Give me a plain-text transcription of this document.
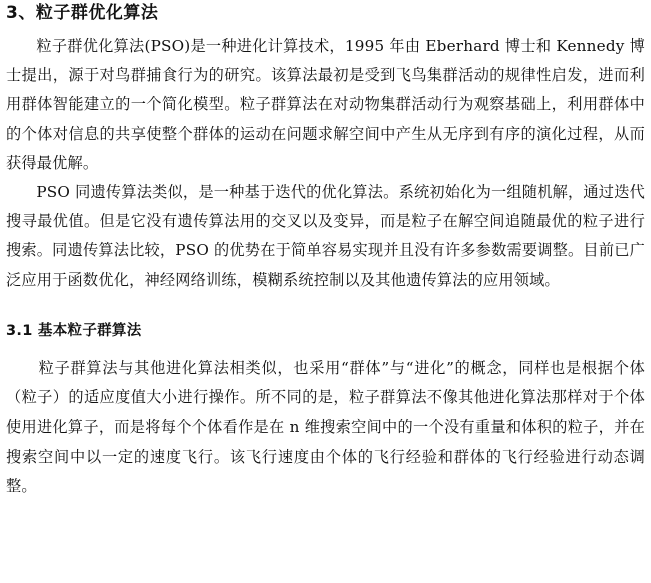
3、粒子群优化算法

粒子群优化算法(PSO)是一种进化计算技术，1995 年由 Eberhard 博士和 Kennedy 博士提出，源于对鸟群捕食行为的研究。该算法最初是受到飞鸟集群活动的规律性启发，进而利用群体智能建立的一个简化模型。粒子群算法在对动物集群活动行为观察基础上，利用群体中的个体对信息的共享使整个群体的运动在问题求解空间中产生从无序到有序的演化过程，从而获得最优解。

PSO 同遗传算法类似，是一种基于迭代的优化算法。系统初始化为一组随机解，通过迭代搜寻最优值。但是它没有遗传算法用的交叉以及变异，而是粒子在解空间追随最优的粒子进行搜索。同遗传算法比较，PSO 的优势在于简单容易实现并且没有许多参数需要调整。目前已广泛应用于函数优化，神经网络训练，模糊系统控制以及其他遗传算法的应用领域。

3.1 基本粒子群算法

粒子群算法与其他进化算法相类似，也采用“群体”与“进化”的概念，同样也是根据个体（粒子）的适应度值大小进行操作。所不同的是，粒子群算法不像其他进化算法那样对于个体使用进化算子，而是将每个个体看作是在 n 维搜索空间中的一个没有重量和体积的粒子，并在搜索空间中以一定的速度飞行。该飞行速度由个体的飞行经验和群体的飞行经验进行动态调整。
